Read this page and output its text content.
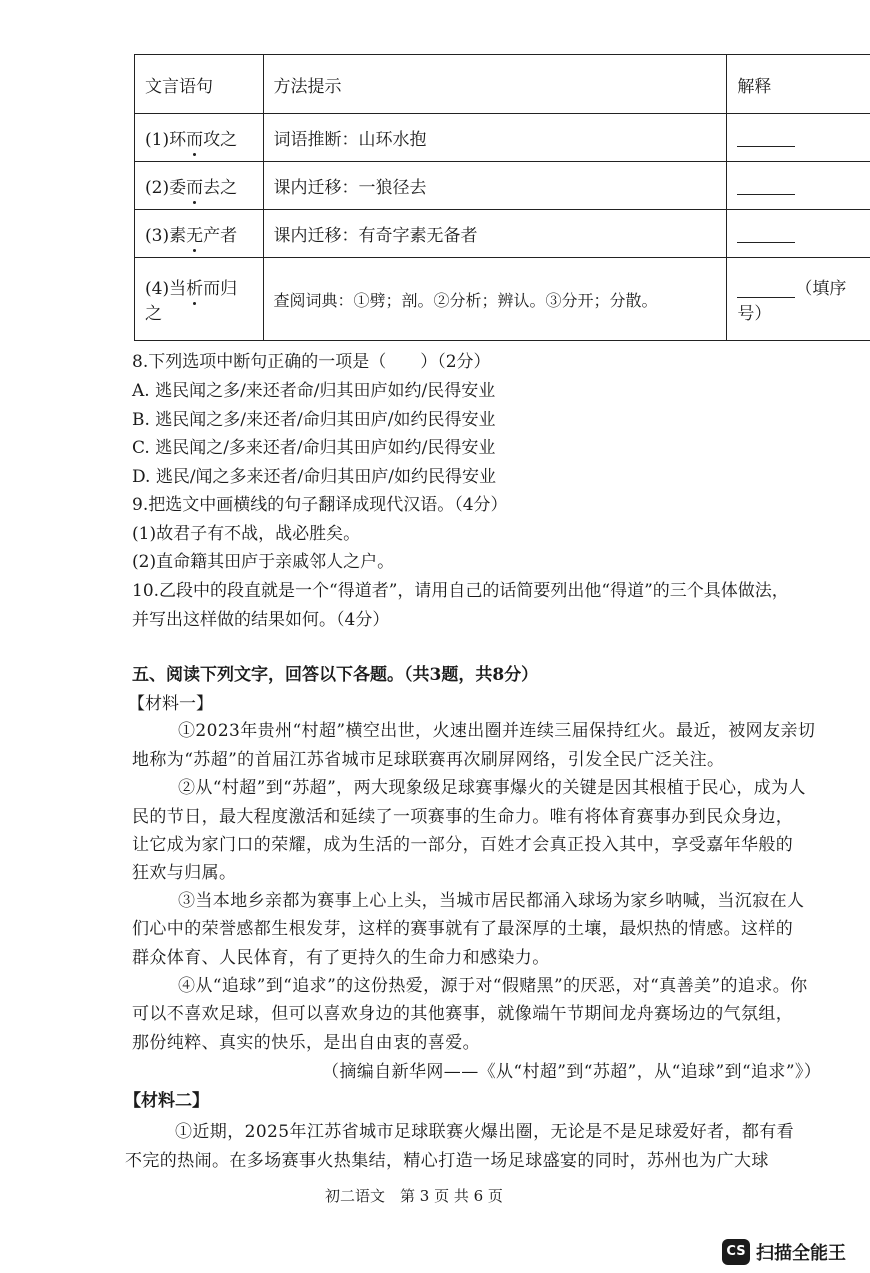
文言语句	方法提示	解释
(1)环而攻之	词语推断：山环水抱	
(2)委而去之	课内迁移：一狼径去	
(3)素无产者	课内迁移：有奇字素无备者	
(4)当析而归之	查阅词典：①劈；剖。②分析；辨认。③分开；分散。	（填序
号）
8.下列选项中断句正确的一项是（　　）（2分）
A. 逃民闻之多/来还者命/归其田庐如约/民得安业
B. 逃民闻之多/来还者/命归其田庐/如约民得安业
C. 逃民闻之/多来还者/命归其田庐如约/民得安业
D. 逃民/闻之多来还者/命归其田庐/如约民得安业
9.把选文中画横线的句子翻译成现代汉语。（4分）
(1)故君子有不战，战必胜矣。
(2)直命籍其田庐于亲戚邻人之户。
10.乙段中的段直就是一个“得道者”，请用自己的话简要列出他“得道”的三个具体做法，
并写出这样做的结果如何。（4分）
五、阅读下列文字，回答以下各题。（共3题，共8分）
【材料一】
①2023年贵州“村超”横空出世，火速出圈并连续三届保持红火。最近，被网友亲切
地称为“苏超”的首届江苏省城市足球联赛再次刷屏网络，引发全民广泛关注。
②从“村超”到“苏超”，两大现象级足球赛事爆火的关键是因其根植于民心，成为人
民的节日，最大程度激活和延续了一项赛事的生命力。唯有将体育赛事办到民众身边，
让它成为家门口的荣耀，成为生活的一部分，百姓才会真正投入其中，享受嘉年华般的
狂欢与归属。
③当本地乡亲都为赛事上心上头，当城市居民都涌入球场为家乡呐喊，当沉寂在人
们心中的荣誉感都生根发芽，这样的赛事就有了最深厚的土壤，最炽热的情感。这样的
群众体育、人民体育，有了更持久的生命力和感染力。
④从“追球”到“追求”的这份热爱，源于对“假赌黑”的厌恶，对“真善美”的追求。你
可以不喜欢足球，但可以喜欢身边的其他赛事，就像端午节期间龙舟赛场边的气氛组，
那份纯粹、真实的快乐，是出自由衷的喜爱。
（摘编自新华网——《从“村超”到“苏超”，从“追球”到“追求”》）
【材料二】
①近期，2025年江苏省城市足球联赛火爆出圈，无论是不是足球爱好者，都有看
不完的热闹。在多场赛事火热集结，精心打造一场足球盛宴的同时，苏州也为广大球
初二语文　第 3 页 共 6 页
CS 扫描全能王
